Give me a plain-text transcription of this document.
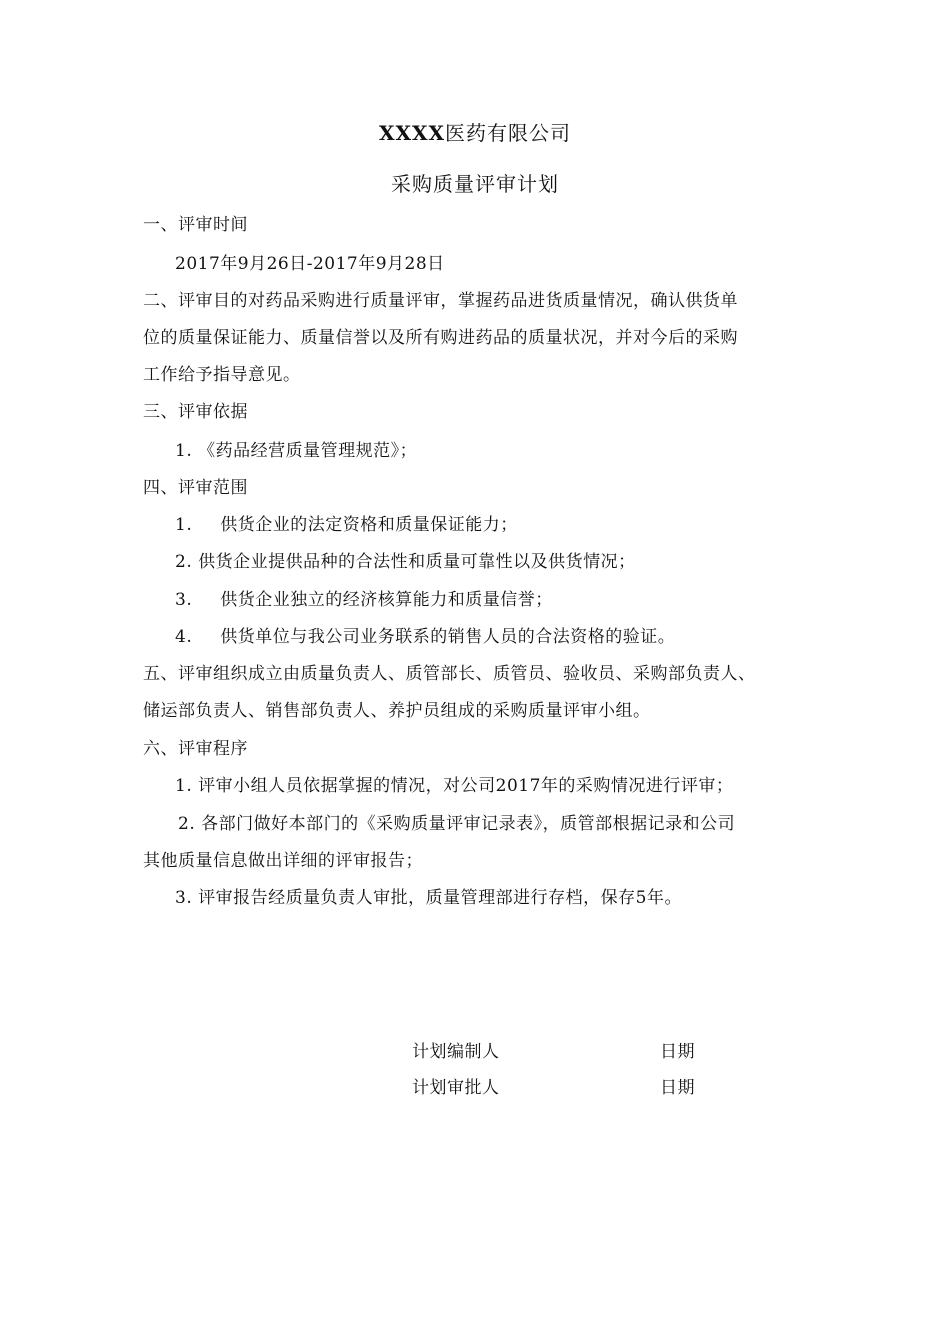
XXXX医药有限公司
采购质量评审计划
一、评审时间
2017年9月26日-2017年9月28日
二、评审目的对药品采购进行质量评审，掌握药品进货质量情况，确认供货单
位的质量保证能力、质量信誉以及所有购进药品的质量状况，并对今后的采购
工作给予指导意见。
三、评审依据
1. 《药品经营质量管理规范》；
四、评审范围
1. 供货企业的法定资格和质量保证能力；
2. 供货企业提供品种的合法性和质量可靠性以及供货情况；
3. 供货企业独立的经济核算能力和质量信誉；
4. 供货单位与我公司业务联系的销售人员的合法资格的验证。
五、评审组织成立由质量负责人、质管部长、质管员、验收员、采购部负责人、
储运部负责人、销售部负责人、养护员组成的采购质量评审小组。
六、评审程序
1. 评审小组人员依据掌握的情况，对公司2017年的采购情况进行评审；
2. 各部门做好本部门的《采购质量评审记录表》，质管部根据记录和公司
其他质量信息做出详细的评审报告；
3. 评审报告经质量负责人审批，质量管理部进行存档，保存5年。
计划编制人	日期
计划审批人	日期
